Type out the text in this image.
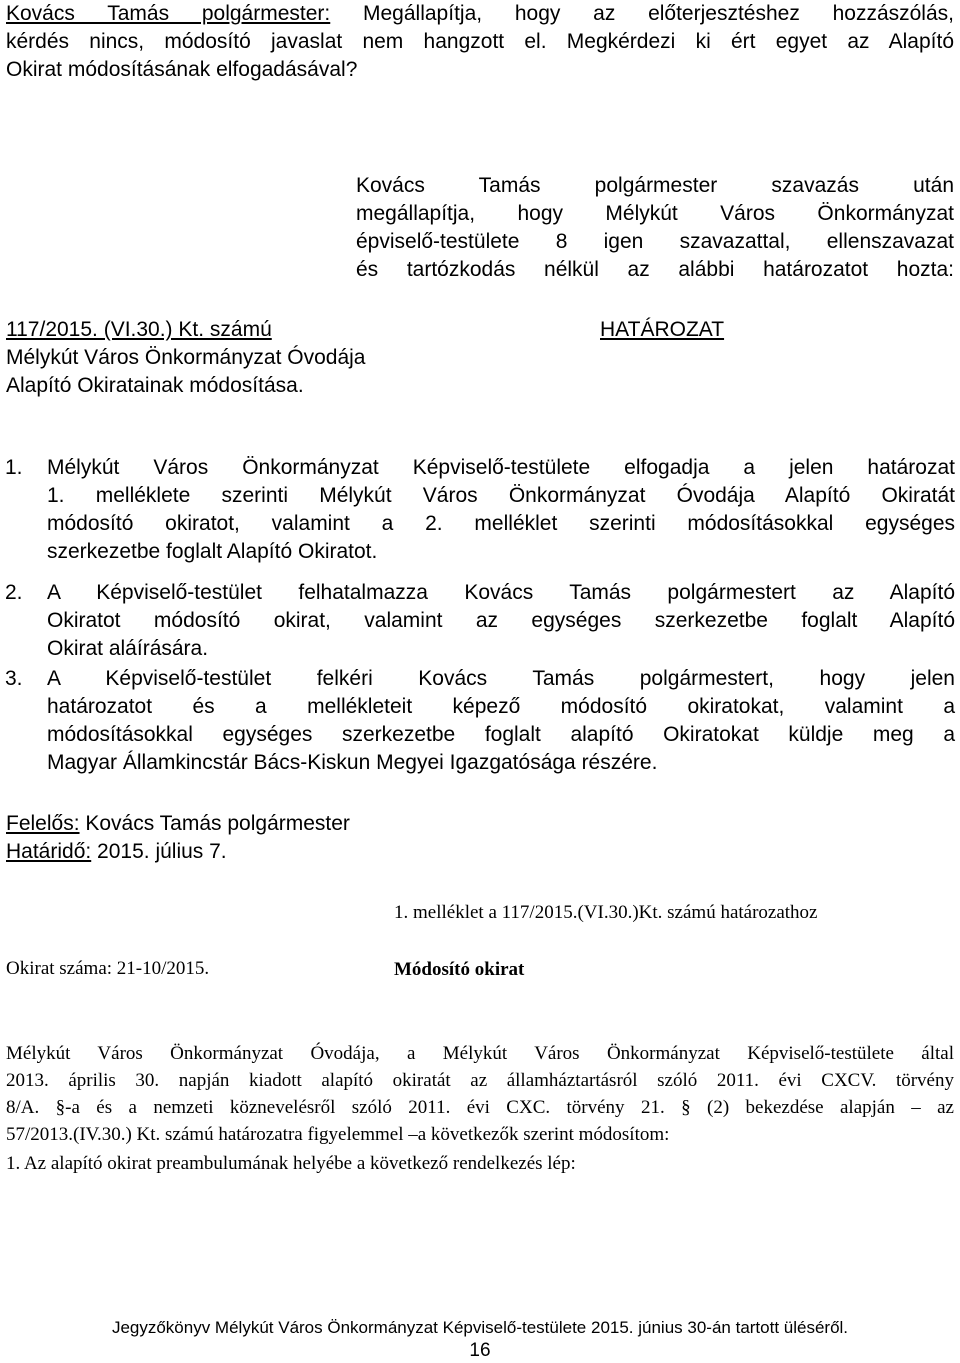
Kovács Tamás polgármester: Megállapítja, hogy az előterjesztéshez hozzászólás,
kérdés nincs, módosító javaslat nem hangzott el. Megkérdezi ki ért egyet az Alapító
Okirat módosításának elfogadásával?
Kovács Tamás polgármester szavazás után
megállapítja, hogy Mélykút Város Önkormányzat
épviselő-testülete 8 igen szavazattal, ellenszavazat
és tartózkodás nélkül az alábbi határozatot hozta:
117/2015. (VI.30.) Kt. számú
Mélykút Város Önkormányzat Óvodája
Alapító Okiratainak módosítása.
HATÁROZAT
1. Mélykút Város Önkormányzat Képviselő-testülete elfogadja a jelen határozat
1. melléklete szerinti Mélykút Város Önkormányzat Óvodája Alapító Okiratát
módosító okiratot, valamint a 2. melléklet szerinti módosításokkal egységes
szerkezetbe foglalt Alapító Okiratot.
2. A Képviselő-testület felhatalmazza Kovács Tamás polgármestert az Alapító
Okiratot módosító okirat, valamint az egységes szerkezetbe foglalt Alapító
Okirat aláírására.
3. A Képviselő-testület felkéri Kovács Tamás polgármestert, hogy jelen
határozatot és a mellékleteit képező módosító okiratokat, valamint a
módosításokkal egységes szerkezetbe foglalt alapító Okiratokat küldje meg a
Magyar Államkincstár Bács-Kiskun Megyei Igazgatósága részére.
Felelős: Kovács Tamás polgármester
Határidő: 2015. július 7.
1. melléklet a 117/2015.(VI.30.)Kt. számú határozathoz
Okirat száma: 21-10/2015.	Módosító okirat
Mélykút Város Önkormányzat Óvodája, a Mélykút Város Önkormányzat Képviselő-testülete által
2013. április 30. napján kiadott alapító okiratát az államháztartásról szóló 2011. évi CXCV. törvény
8/A. §-a és a nemzeti köznevelésről szóló 2011. évi CXC. törvény 21. § (2) bekezdése alapján – az
57/2013.(IV.30.) Kt. számú határozatra figyelemmel –a következők szerint módosítom:
1. Az alapító okirat preambulumának helyébe a következő rendelkezés lép:
Jegyzőkönyv Mélykút Város Önkormányzat Képviselő-testülete 2015. június 30-án tartott üléséről.
16
